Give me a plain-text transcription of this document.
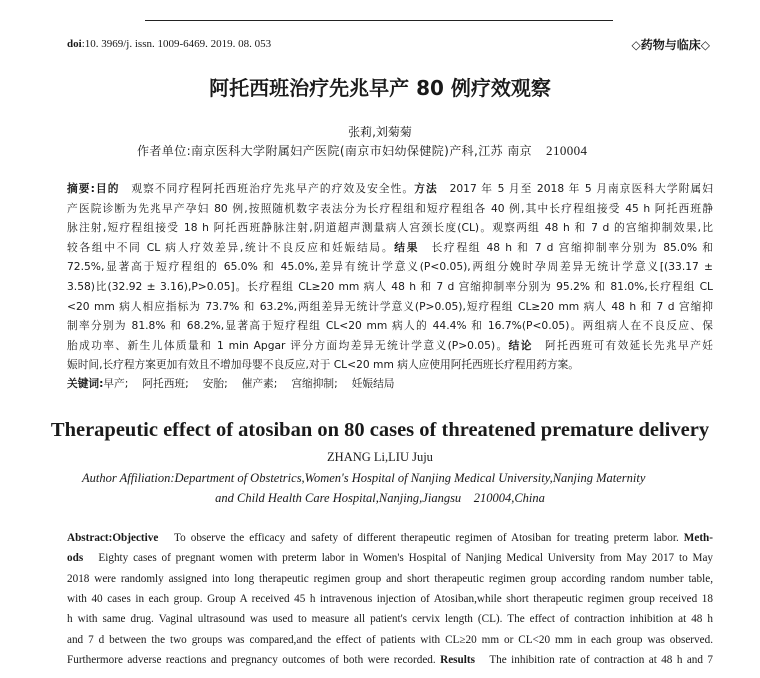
doi:10. 3969/j. issn. 1009-6469. 2019. 08. 053	◇药物与临床◇
阿托西班治疗先兆早产 80 例疗效观察
张莉,刘菊菊
作者单位:南京医科大学附属妇产医院(南京市妇幼保健院)产科,江苏 南京 210004
摘要:目的　观察不同疗程阿托西班治疗先兆早产的疗效及安全性。方法　2017 年 5 月至 2018 年 5 月南京医科大学附属妇
产医院诊断为先兆早产孕妇 80 例,按照随机数字表法分为长疗程组和短疗程组各 40 例,其中长疗程组接受 45 h 阿托西班静
脉注射,短疗程组接受 18 h 阿托西班静脉注射,阴道超声测量病人宫颈长度(CL)。观察两组 48 h 和 7 d 的宫缩抑制效果,比
较各组中不同 CL 病人疗效差异,统计不良反应和妊娠结局。结果　长疗程组 48 h 和 7 d 宫缩抑制率分别为 85.0% 和
72.5%,显著高于短疗程组的 65.0% 和 45.0%,差异有统计学意义(P<0.05),两组分娩时孕周差异无统计学意义[(33.17 ±
3.58)比(32.92 ± 3.16),P>0.05]。长疗程组 CL≥20 mm 病人 48 h 和 7 d 宫缩抑制率分别为 95.2% 和 81.0%,长疗程组 CL
<20 mm 病人相应指标为 73.7% 和 63.2%,两组差异无统计学意义(P>0.05),短疗程组 CL≥20 mm 病人 48 h 和 7 d 宫缩抑
制率分别为 81.8% 和 68.2%,显著高于短疗程组 CL<20 mm 病人的 44.4% 和 16.7%(P<0.05)。两组病人在不良反应、保
胎成功率、新生儿体质量和 1 min Apgar 评分方面均差异无统计学意义(P>0.05)。结论　阿托西班可有效延长先兆早产妊
娠时间,长疗程方案更加有效且不增加母婴不良反应,对于 CL<20 mm 病人应使用阿托西班长疗程用药方案。
关键词:早产; 阿托西班; 安胎; 催产素; 宫缩抑制; 妊娠结局
Therapeutic effect of atosiban on 80 cases of threatened premature delivery
ZHANG Li,LIU Juju
Author Affiliation:Department of Obstetrics,Women's Hospital of Nanjing Medical University,Nanjing Maternity
and Child Health Care Hospital,Nanjing,Jiangsu 210004,China
Abstract:Objective　To observe the efficacy and safety of different therapeutic regimen of Atosiban for treating preterm labor. Meth-
ods　Eighty cases of pregnant women with preterm labor in Women's Hospital of Nanjing Medical University from May 2017 to May
2018 were randomly assigned into long therapeutic regimen group and short therapeutic regimen group according random number table,
with 40 cases in each group. Group A received 45 h intravenous injection of Atosiban,while short therapeutic regimen group received 18
h with same drug. Vaginal ultrasound was used to measure all patient's cervix length (CL). The effect of contraction inhibition at 48 h
and 7 d between the two groups was compared,and the effect of patients with CL≥20 mm or CL<20 mm in each group was observed.
Furthermore adverse reactions and pregnancy outcomes of both were recorded. Results　The inhibition rate of contraction at 48 h and 7
